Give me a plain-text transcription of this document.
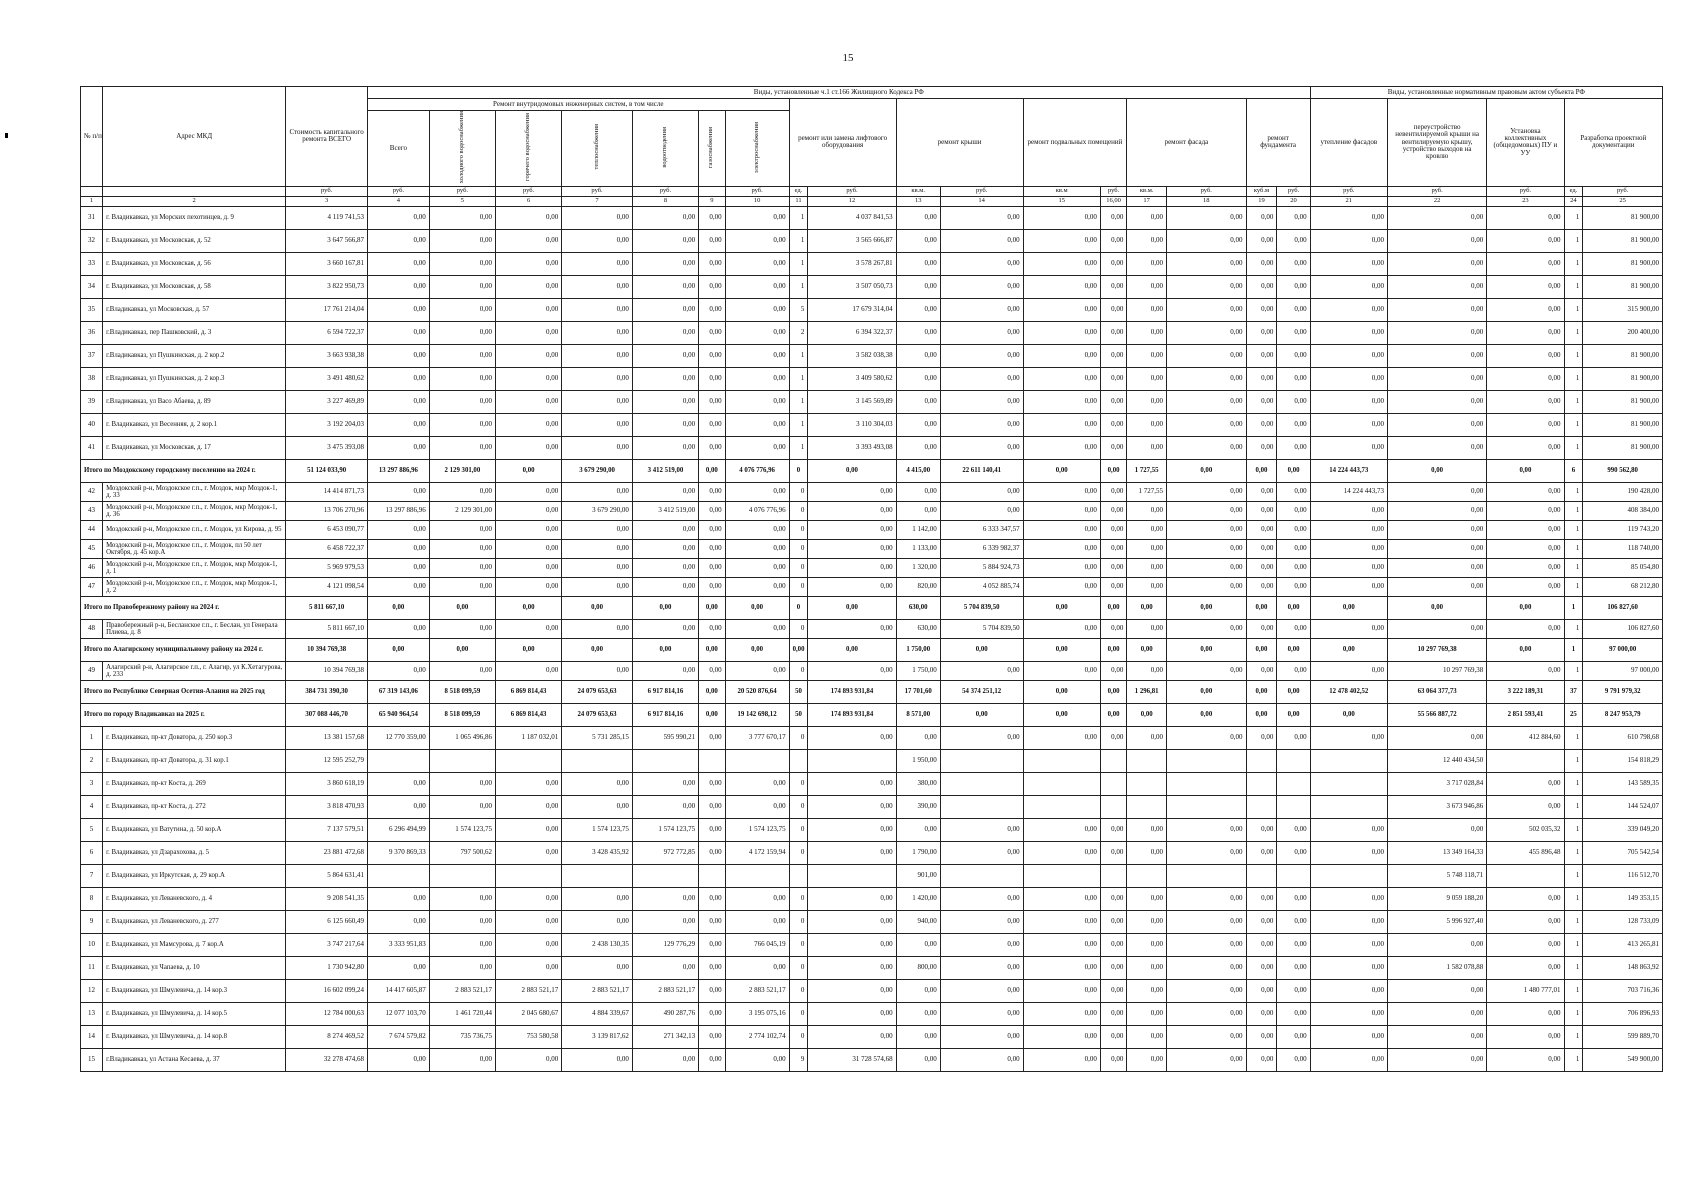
15
№ п/п	Адрес МКД	Стоимость капитального ремонта ВСЕГО	Виды, установленные ч.1 ст.166 Жилищного Кодекса РФ																	Виды, установленные нормативным правовым актом субъекта РФ				
			Ремонт внутридомовых инженерных систем, в том числе							ремонт или замена лифтового оборудования		ремонт крыши		ремонт подвальных помещений		ремонт фасада		ремонт фундамента		утепление фасадов	переустройство невентилируемой крыши на вентилируемую крышу, устройство выходов на кровлю	Установка коллективных (общедомовых) ПУ и УУ	Разработка проектной документации	
			Всего	холодного водоснабжения	горячего водоснабжения	теплоснабжения	водоотведения	газоснабжения	электроснабжения															
		руб.	руб.	руб.	руб.	руб.	руб.		руб.	ед.	руб.	кв.м.	руб.	кв.м	руб.	кв.м.	руб.	куб.м	руб.	руб.	руб.	руб.	ед.	руб.
1	2	3	4	5	6	7	8	9	10	11	12	13	14	15	16,00	17	18	19	20	21	22	23	24	25
31	г. Владикавказ, ул Морских пехотинцев, д. 9	4 119 741,53	0,00	0,00	0,00	0,00	0,00	0,00	0,00	1	4 037 841,53	0,00	0,00	0,00	0,00	0,00	0,00	0,00	0,00	0,00	0,00	0,00	1	81 900,00
32	г. Владикавказ, ул Московская, д. 52	3 647 566,87	0,00	0,00	0,00	0,00	0,00	0,00	0,00	1	3 565 666,87	0,00	0,00	0,00	0,00	0,00	0,00	0,00	0,00	0,00	0,00	0,00	1	81 900,00
33	г. Владикавказ, ул Московская, д. 56	3 660 167,81	0,00	0,00	0,00	0,00	0,00	0,00	0,00	1	3 578 267,81	0,00	0,00	0,00	0,00	0,00	0,00	0,00	0,00	0,00	0,00	0,00	1	81 900,00
34	г. Владикавказ, ул Московская, д. 58	3 822 950,73	0,00	0,00	0,00	0,00	0,00	0,00	0,00	1	3 507 050,73	0,00	0,00	0,00	0,00	0,00	0,00	0,00	0,00	0,00	0,00	0,00	1	81 900,00
35	г.Владикавказ, ул Московская, д. 57	17 761 214,04	0,00	0,00	0,00	0,00	0,00	0,00	0,00	5	17 679 314,04	0,00	0,00	0,00	0,00	0,00	0,00	0,00	0,00	0,00	0,00	0,00	1	315 900,00
36	г.Владикавказ, пер Пашковский, д. 3	6 594 722,37	0,00	0,00	0,00	0,00	0,00	0,00	0,00	2	6 394 322,37	0,00	0,00	0,00	0,00	0,00	0,00	0,00	0,00	0,00	0,00	0,00	1	200 400,00
37	г.Владикавказ, ул Пушкинская, д. 2 кор.2	3 663 938,38	0,00	0,00	0,00	0,00	0,00	0,00	0,00	1	3 582 038,38	0,00	0,00	0,00	0,00	0,00	0,00	0,00	0,00	0,00	0,00	0,00	1	81 900,00
38	г.Владикавказ, ул Пушкинская, д. 2 кор.3	3 491 480,62	0,00	0,00	0,00	0,00	0,00	0,00	0,00	1	3 409 580,62	0,00	0,00	0,00	0,00	0,00	0,00	0,00	0,00	0,00	0,00	0,00	1	81 900,00
39	г.Владикавказ, ул Васо Абаева, д. 89	3 227 469,89	0,00	0,00	0,00	0,00	0,00	0,00	0,00	1	3 145 569,89	0,00	0,00	0,00	0,00	0,00	0,00	0,00	0,00	0,00	0,00	0,00	1	81 900,00
40	г. Владикавказ, ул Весенняя, д. 2 кор.1	3 192 204,03	0,00	0,00	0,00	0,00	0,00	0,00	0,00	1	3 110 304,03	0,00	0,00	0,00	0,00	0,00	0,00	0,00	0,00	0,00	0,00	0,00	1	81 900,00
41	г. Владикавказ, ул Московская, д. 17	3 475 393,08	0,00	0,00	0,00	0,00	0,00	0,00	0,00	1	3 393 493,08	0,00	0,00	0,00	0,00	0,00	0,00	0,00	0,00	0,00	0,00	0,00	1	81 900,00
Итого по Моздокскому городскому поселению на 2024 г.		51 124 033,90	13 297 886,96	2 129 301,00	0,00	3 679 290,00	3 412 519,00	0,00	4 076 776,96	0	0,00	4 415,00	22 611 140,41	0,00	0,00	1 727,55	0,00	0,00	0,00	14 224 443,73	0,00	0,00	6	990 562,80
42	Моздокский р-н, Моздокское г.п., г. Моздок, мкр Моздок-1, д. 33	14 414 871,73	0,00	0,00	0,00	0,00	0,00	0,00	0,00	0	0,00	0,00	0,00	0,00	0,00	1 727,55	0,00	0,00	0,00	14 224 443,73	0,00	0,00	1	190 428,00
43	Моздокский р-н, Моздокское г.п., г. Моздок, мкр Моздок-1, д. 36	13 706 270,96	13 297 886,96	2 129 301,00	0,00	3 679 290,00	3 412 519,00	0,00	4 076 776,96	0	0,00	0,00	0,00	0,00	0,00	0,00	0,00	0,00	0,00	0,00	0,00	0,00	1	408 384,00
44	Моздокский р-н, Моздокское г.п., г. Моздок, ул Кирова, д. 95	6 453 090,77	0,00	0,00	0,00	0,00	0,00	0,00	0,00	0	0,00	1 142,00	6 333 347,57	0,00	0,00	0,00	0,00	0,00	0,00	0,00	0,00	0,00	1	119 743,20
45	Моздокский р-н, Моздокское г.п., г. Моздок, пл 50 лет Октября, д. 45 кор.А	6 458 722,37	0,00	0,00	0,00	0,00	0,00	0,00	0,00	0	0,00	1 133,00	6 339 982,37	0,00	0,00	0,00	0,00	0,00	0,00	0,00	0,00	0,00	1	118 740,00
46	Моздокский р-н, Моздокское г.п., г. Моздок, мкр Моздок-1, д. 1	5 969 979,53	0,00	0,00	0,00	0,00	0,00	0,00	0,00	0	0,00	1 320,00	5 884 924,73	0,00	0,00	0,00	0,00	0,00	0,00	0,00	0,00	0,00	1	85 054,80
47	Моздокский р-н, Моздокское г.п., г. Моздок, мкр Моздок-1, д. 2	4 121 098,54	0,00	0,00	0,00	0,00	0,00	0,00	0,00	0	0,00	820,00	4 052 885,74	0,00	0,00	0,00	0,00	0,00	0,00	0,00	0,00	0,00	1	68 212,80
Итого по Правобережному району на 2024 г.		5 811 667,10	0,00	0,00	0,00	0,00	0,00	0,00	0,00	0	0,00	630,00	5 704 839,50	0,00	0,00	0,00	0,00	0,00	0,00	0,00	0,00	0,00	1	106 827,60
48	Правобережный р-н, Бесланское г.п., г. Беслан, ул Генерала Плиева, д. 8	5 811 667,10	0,00	0,00	0,00	0,00	0,00	0,00	0,00	0	0,00	630,00	5 704 839,50	0,00	0,00	0,00	0,00	0,00	0,00	0,00	0,00	0,00	1	106 827,60
Итого по Алагирскому муниципальному району на 2024 г.		10 394 769,38	0,00	0,00	0,00	0,00	0,00	0,00	0,00	0,00	0,00	1 750,00	0,00	0,00	0,00	0,00	0,00	0,00	0,00	0,00	10 297 769,38	0,00	1	97 000,00
49	Алагирский р-н, Алагирское г.п., г. Алагир, ул К.Хетагурова, д. 233	10 394 769,38	0,00	0,00	0,00	0,00	0,00	0,00	0,00	0	0,00	1 750,00	0,00	0,00	0,00	0,00	0,00	0,00	0,00	0,00	10 297 769,38	0,00	1	97 000,00
Итого по Республике Северная Осетия-Алания на 2025 год		384 731 390,30	67 319 143,06	8 518 099,59	6 869 814,43	24 079 653,63	6 917 814,16	0,00	20 520 876,64	50	174 893 931,84	17 701,60	54 374 251,12	0,00	0,00	1 296,81	0,00	0,00	0,00	12 478 402,52	63 064 377,73	3 222 189,31	37	9 791 979,32
Итого по городу Владикавказ на 2025 г.		307 088 446,70	65 940 964,54	8 518 099,59	6 869 814,43	24 079 653,63	6 917 814,16	0,00	19 142 698,12	50	174 893 931,84	8 571,00	0,00	0,00	0,00	0,00	0,00	0,00	0,00	0,00	55 566 887,72	2 851 593,41	25	8 247 953,79
1	г. Владикавказ, пр-кт Доватора, д. 250 кор.3	13 381 157,68	12 770 359,00	1 065 496,86	1 187 032,01	5 731 285,15	595 990,21	0,00	3 777 670,17	0	0,00	0,00	0,00	0,00	0,00	0,00	0,00	0,00	0,00	0,00	0,00	412 884,60	1	610 798,68
2	г. Владикавказ, пр-кт Доватора, д. 31 кор.1	12 595 252,79										1 950,00									12 440 434,50		1	154 818,29
3	г. Владикавказ, пр-кт Коста, д. 269	3 860 618,19	0,00	0,00	0,00	0,00	0,00	0,00	0,00	0	0,00	380,00									3 717 028,84	0,00	1	143 589,35
4	г. Владикавказ, пр-кт Коста, д. 272	3 818 470,93	0,00	0,00	0,00	0,00	0,00	0,00	0,00	0	0,00	390,00									3 673 946,86	0,00	1	144 524,07
5	г. Владикавказ, ул Ватутина, д. 50 кор.А	7 137 579,51	6 296 494,99	1 574 123,75	0,00	1 574 123,75	1 574 123,75	0,00	1 574 123,75	0	0,00	0,00	0,00	0,00	0,00	0,00	0,00	0,00	0,00	0,00	0,00	502 035,32	1	339 049,20
6	г. Владикавказ, ул Дзарахохова, д. 5	23 881 472,68	9 370 869,33	797 500,62	0,00	3 428 435,92	972 772,85	0,00	4 172 159,94	0	0,00	1 790,00	0,00	0,00	0,00	0,00	0,00	0,00	0,00	0,00	13 349 164,33	455 896,48	1	705 542,54
7	г. Владикавказ, ул Иркутская, д. 29 кор.А	5 864 631,41										901,00									5 748 118,71		1	116 512,70
8	г. Владикавказ, ул Леваневского, д. 4	9 208 541,35	0,00	0,00	0,00	0,00	0,00	0,00	0,00	0	0,00	1 420,00	0,00	0,00	0,00	0,00	0,00	0,00	0,00	0,00	9 059 188,20	0,00	1	149 353,15
9	г. Владикавказ, ул Леваневского, д. 277	6 125 660,49	0,00	0,00	0,00	0,00	0,00	0,00	0,00	0	0,00	940,00	0,00	0,00	0,00	0,00	0,00	0,00	0,00	0,00	5 996 927,40	0,00	1	128 733,09
10	г. Владикавказ, ул Мамсурова, д. 7 кор.А	3 747 217,64	3 333 951,83	0,00	0,00	2 438 130,35	129 776,29	0,00	766 045,19	0	0,00	0,00	0,00	0,00	0,00	0,00	0,00	0,00	0,00	0,00	0,00	0,00	1	413 265,81
11	г. Владикавказ, ул Чапаева, д. 10	1 730 942,80	0,00	0,00	0,00	0,00	0,00	0,00	0,00	0	0,00	800,00	0,00	0,00	0,00	0,00	0,00	0,00	0,00	0,00	1 582 078,88	0,00	1	148 863,92
12	г. Владикавказ, ул Шмулевича, д. 14 кор.3	16 602 099,24	14 417 605,87	2 883 521,17	2 883 521,17	2 883 521,17	2 883 521,17	0,00	2 883 521,17	0	0,00	0,00	0,00	0,00	0,00	0,00	0,00	0,00	0,00	0,00	0,00	1 480 777,01	1	703 716,36
13	г. Владикавказ, ул Шмулевича, д. 14 кор.5	12 784 000,63	12 077 103,70	1 461 720,44	2 045 680,67	4 884 339,67	490 287,76	0,00	3 195 075,16	0	0,00	0,00	0,00	0,00	0,00	0,00	0,00	0,00	0,00	0,00	0,00	0,00	1	706 896,93
14	г. Владикавказ, ул Шмулевича, д. 14 кор.8	8 274 469,52	7 674 579,82	735 736,75	753 580,58	3 139 817,62	271 342,13	0,00	2 774 102,74	0	0,00	0,00	0,00	0,00	0,00	0,00	0,00	0,00	0,00	0,00	0,00	0,00	1	599 889,70
15	г.Владикавказ, ул Астана Кесаева, д. 37	32 278 474,68	0,00	0,00	0,00	0,00	0,00	0,00	0,00	9	31 728 574,68	0,00	0,00	0,00	0,00	0,00	0,00	0,00	0,00	0,00	0,00	0,00	1	549 900,00
